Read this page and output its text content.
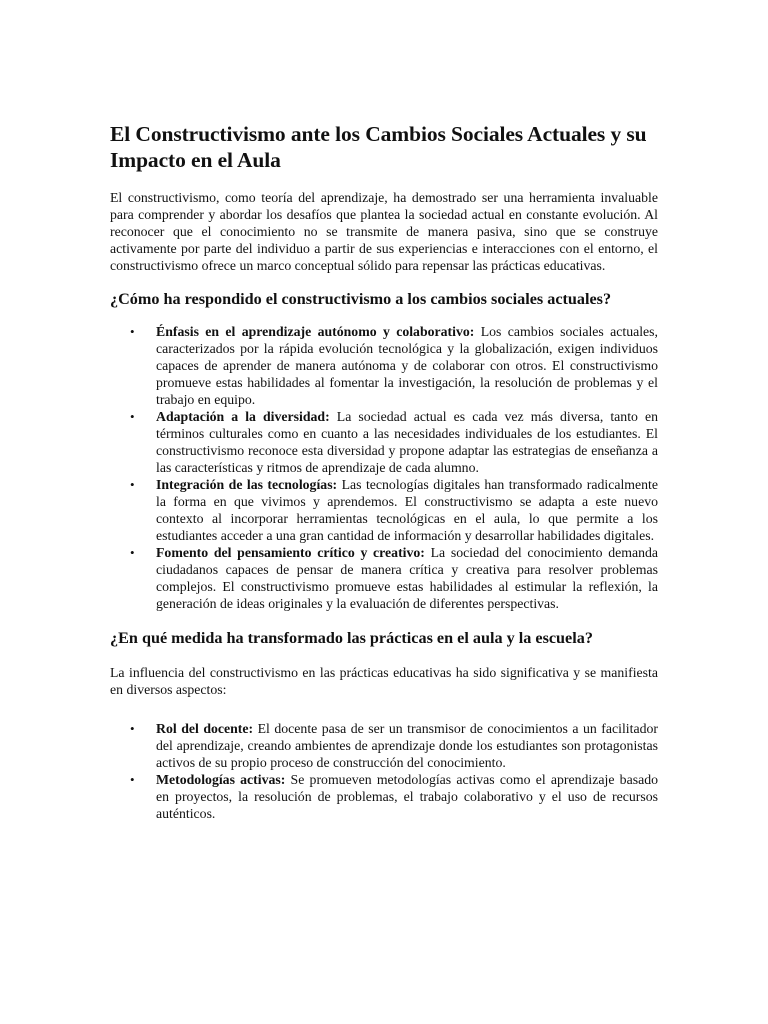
El Constructivismo ante los Cambios Sociales Actuales y su Impacto en el Aula

El constructivismo, como teoría del aprendizaje, ha demostrado ser una herramienta invaluable para comprender y abordar los desafíos que plantea la sociedad actual en constante evolución. Al reconocer que el conocimiento no se transmite de manera pasiva, sino que se construye activamente por parte del individuo a partir de sus experiencias e interacciones con el entorno, el constructivismo ofrece un marco conceptual sólido para repensar las prácticas educativas.

¿Cómo ha respondido el constructivismo a los cambios sociales actuales?
• Énfasis en el aprendizaje autónomo y colaborativo: Los cambios sociales actuales, caracterizados por la rápida evolución tecnológica y la globalización, exigen individuos capaces de aprender de manera autónoma y de colaborar con otros. El constructivismo promueve estas habilidades al fomentar la investigación, la resolución de problemas y el trabajo en equipo.
• Adaptación a la diversidad: La sociedad actual es cada vez más diversa, tanto en términos culturales como en cuanto a las necesidades individuales de los estudiantes. El constructivismo reconoce esta diversidad y propone adaptar las estrategias de enseñanza a las características y ritmos de aprendizaje de cada alumno.
• Integración de las tecnologías: Las tecnologías digitales han transformado radicalmente la forma en que vivimos y aprendemos. El constructivismo se adapta a este nuevo contexto al incorporar herramientas tecnológicas en el aula, lo que permite a los estudiantes acceder a una gran cantidad de información y desarrollar habilidades digitales.
• Fomento del pensamiento crítico y creativo: La sociedad del conocimiento demanda ciudadanos capaces de pensar de manera crítica y creativa para resolver problemas complejos. El constructivismo promueve estas habilidades al estimular la reflexión, la generación de ideas originales y la evaluación de diferentes perspectivas.
¿En qué medida ha transformado las prácticas en el aula y la escuela?

La influencia del constructivismo en las prácticas educativas ha sido significativa y se manifiesta en diversos aspectos:

• Rol del docente: El docente pasa de ser un transmisor de conocimientos a un facilitador del aprendizaje, creando ambientes de aprendizaje donde los estudiantes son protagonistas activos de su propio proceso de construcción del conocimiento.
• Metodologías activas: Se promueven metodologías activas como el aprendizaje basado en proyectos, la resolución de problemas, el trabajo colaborativo y el uso de recursos auténticos.
